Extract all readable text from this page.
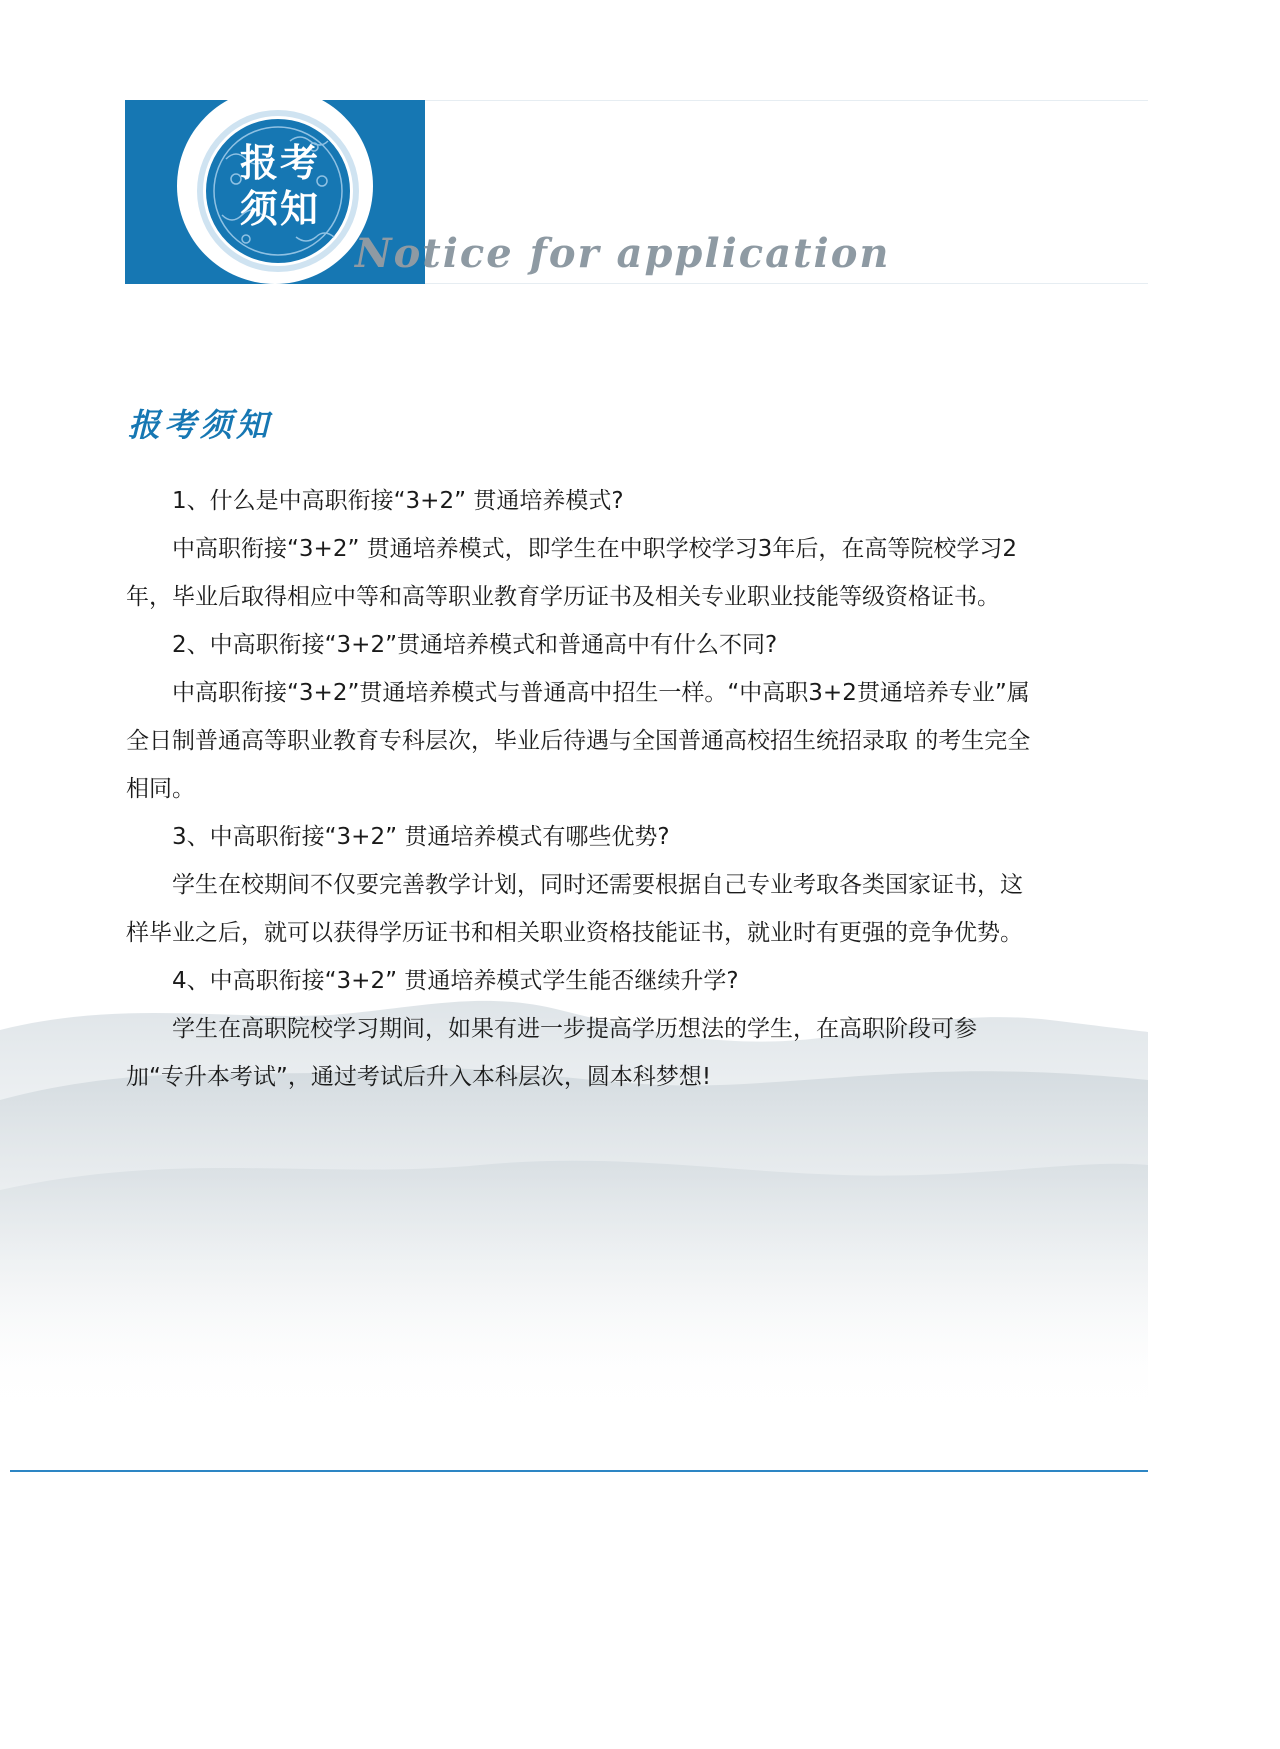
报考
须知
Notice for application
报考须知

1、什么是中高职衔接“3+2” 贯通培养模式?

中高职衔接“3+2” 贯通培养模式，即学生在中职学校学习3年后，在高等院校学习2年，毕业后取得相应中等和高等职业教育学历证书及相关专业职业技能等级资格证书。

2、中高职衔接“3+2”贯通培养模式和普通高中有什么不同?

中高职衔接“3+2”贯通培养模式与普通高中招生一样。“中高职3+2贯通培养专业”属全日制普通高等职业教育专科层次，毕业后待遇与全国普通高校招生统招录取 的考生完全相同。

3、中高职衔接“3+2” 贯通培养模式有哪些优势?

学生在校期间不仅要完善教学计划，同时还需要根据自己专业考取各类国家证书，这样毕业之后，就可以获得学历证书和相关职业资格技能证书，就业时有更强的竞争优势。

4、中高职衔接“3+2” 贯通培养模式学生能否继续升学?

学生在高职院校学习期间，如果有进一步提高学历想法的学生，在高职阶段可参加“专升本考试”，通过考试后升入本科层次，圆本科梦想!
